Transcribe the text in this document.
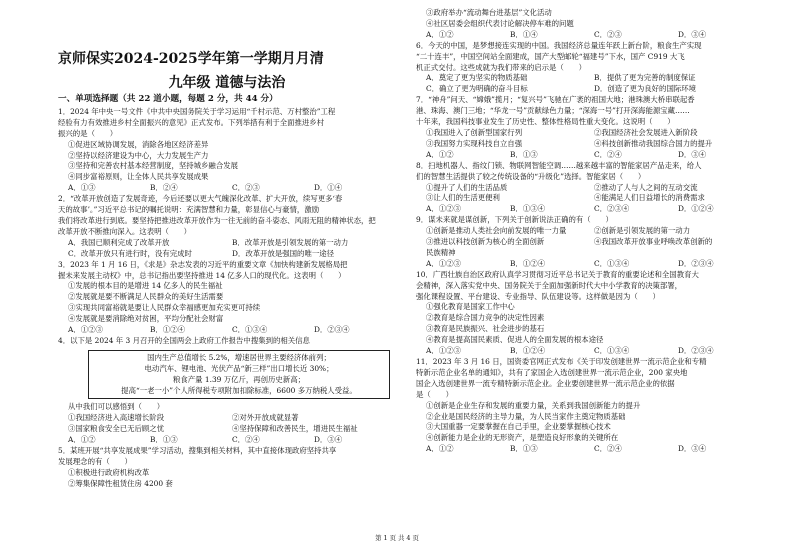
京师保实2024-2025学年第一学期月月清
九年级 道德与法治
一、单项选择题（共 22 道小题，每题 2 分，共 44 分）
1．2024 年中央一号文件《中共中央国务院关于学习运用“千村示范、万村整治”工程
经验有力有效推进乡村全面振兴的意见》正式发布。下列举措有利于全面推进乡村
振兴的是（　　）
①促进区域协调发展，消除各地区经济差异
②坚持以经济建设为中心，大力发展生产力
③坚持和完善农村基本经营制度，坚持城乡融合发展
④同步富裕原则，让全体人民共享发展成果
A．①③	B．②④	C．②③	D．①④
2．“改革开放创造了发展奇迹，今后还要以更大气魄深化改革、扩大开放，续写更多‘春
天的故事’。”习近平总书记的嘱托说明：充满智慧和力量，彰显信心与豪情，激励
我们将改革进行到底。要坚持把推进改革开放作为一往无前的奋斗姿态、风雨无阻的精神状态，把
改革开放不断推向深入。这表明（　　）
A．我国已顺利完成了改革开放	B．改革开放是引领发展的第一动力
C．改革开放只有进行时，没有完成时	D．改革开放是强国的唯一途径
3．2023 年 1 月 16 日，《求是》杂志发表的习近平的重要文章《加快构建新发展格局把
握未来发展主动权》中，总书记指出要坚持推进 14 亿多人口的现代化。这表明（　　）
①发展的根本目的是增进 14 亿多人的民生福祉
②发展就是要不断满足人民群众的美好生活需要
③实现共同富裕就是要让人民群众幸福感更加充实更可持续
④发展就是要消除绝对贫困，平均分配社会财富
A．①②③	B．①②④	C．①③④	D．②③④
4．以下是 2024 年 3 月召开的全国两会上政府工作报告中搜集到的相关信息
国内生产总值增长 5.2%，增速居世界主要经济体前列；
电动汽车、锂电池、光伏产品“新三样”出口增长近 30%；
粮食产量 1.39 万亿斤，再创历史新高；
提高“一老一小”个人所得税专项附加扣除标准，6600 多万纳税人受益。
从中我们可以感悟到（　　）
①我国经济进入高速增长阶段	②对外开放成就显著
③国家粮食安全已无后顾之忧	④坚持保障和改善民生，增进民生福祉
A．①②	B．①③	C．②④	D．③④
5．某班开展“共享发展成果”学习活动，搜集到相关材料，其中直接体现政府坚持共享
发展理念的有（　　）
①积极进行政府机构改革
②筹集保障性租赁住房 4200 套
③政府举办“流动舞台进基层”文化活动
④社区居委会组织代表讨论解决停车难的问题
A．①②	B．①④	C．②③	D．③④
6．今天的中国，是梦想接连实现的中国。我国经济总量连年跃上新台阶，粮食生产实现
“二十连丰”，中国空间站全面建成，国产大型邮轮“福建号”下水，国产 C919 大飞
机正式交付。这些成就为我们带来的启示是（　　）
A．奠定了更为坚实的物质基础	B．提供了更为完善的制度保证
C．确立了更为明确的奋斗目标	D．创造了更为良好的国际环境
7．“神舟”问天、“嫦娥”揽月；“复兴号”飞驰在广袤的祖国大地；港珠澳大桥串联起香
港、珠海、澳门三地；“华龙一号”贡献绿色力量；“深海一号”打开深海能源宝藏……
十年来，我国科技事业发生了历史性、整体性格局性重大变化。这说明（　　）
①我国进入了创新型国家行列	②我国经济社会发展进入新阶段
③我国努力实现科技自立自强	④科技创新推动我国综合国力的提升
A．①②	B．①③	C．②④	D．③④
8．扫地机器人、指纹门锁、物联网智能空调……越来越丰富的智能家居产品走来，给人
们的智慧生活提供了较之传统设备的“升级化”选择。智能家居（　　）
①提升了人们的生活品质	②推动了人与人之间的互动交流
③让人们的生活更便利	④能满足人们日益增长的消费需求
A．①②③	B．①③④	C．②③④	D．①②④
9．谋未来就是谋创新，下列关于创新说法正确的有（　　）
①创新是推动人类社会向前发展的唯一力量	②创新是引领发展的第一动力
③推进以科技创新为核心的全面创新	④我国改革开放事业呼唤改革创新的
民族精神
A．①②③	B．①②④	C．①③④	D．②③④
10．广西壮族自治区政府认真学习贯彻习近平总书记关于教育的重要论述和全国教育大
会精神，深入落实党中央、国务院关于全面加强新时代大中小学教育的决策部署，
强化课程设置、平台建设、专业指导、队伍建设等。这样做是因为（　　）
①强化教育是国家工作中心
②教育是综合国力竞争的决定性因素
③教育是民族振兴、社会进步的基石
④教育是提高国民素质、促进人的全面发展的根本途径
A．①②③	B．①②④	C．①③④	D．②③④
11．2023 年 3 月 16 日，国资委官网正式发布《关于印发创建世界一流示范企业和专精
特新示范企业名单的通知》，共有了家国企入选创建世界一流示范企业，200 家央地
国企入选创建世界一流专精特新示范企业。企业要创建世界一流示范企业的依据
是（　　）
①创新是企业生存和发展的重要力量，关系到我国创新能力的提升
②企业是国民经济的主导力量，为人民当家作主奠定物质基础
③大国重器一定要掌握在自己手里，企业要掌握核心技术
④创新能力是企业的无形资产，是塑造良好形象的关键所在
A．①②	B．①③	C．②④	D．③④
第 1 页 共 4 页
